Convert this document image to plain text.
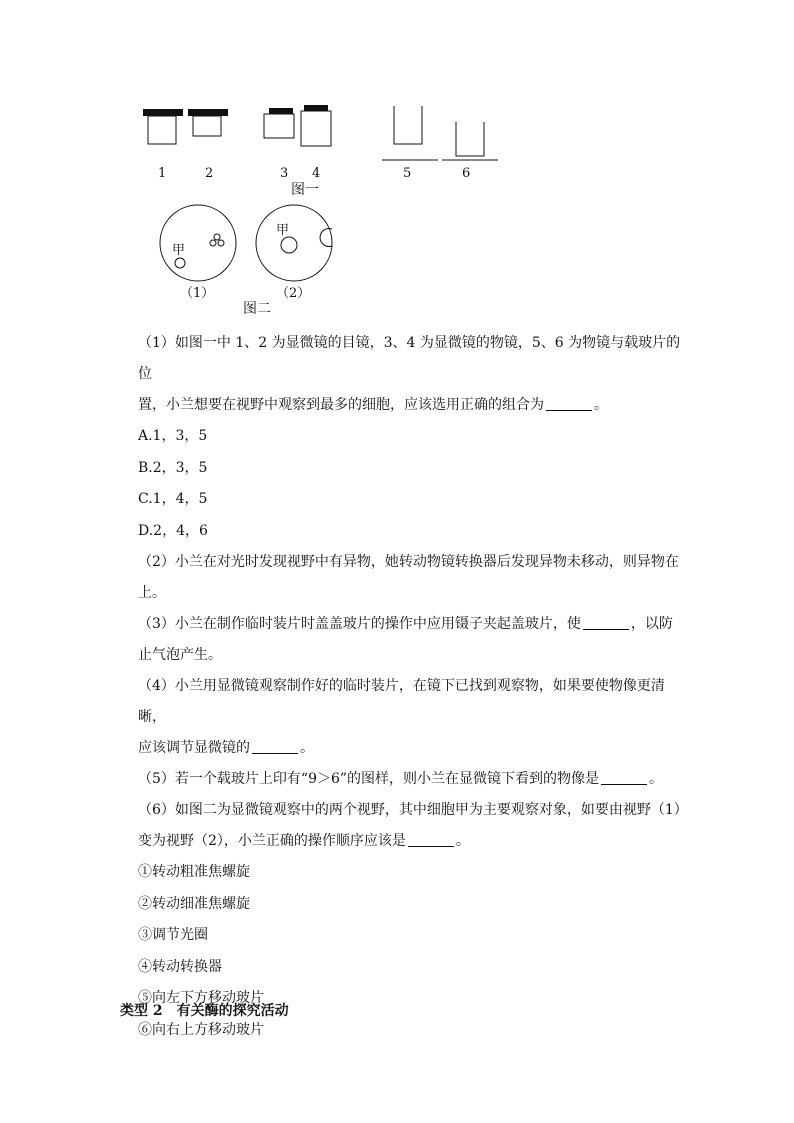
1	2	3 4	5	6
图一
甲
甲
（1）	（2）
图二

（1）如图一中 1、2 为显微镜的目镜，3、4 为显微镜的物镜，5、6 为物镜与载玻片的位

置，小兰想要在视野中观察到最多的细胞，应该选用正确的组合为	。

A.1，3，5

B.2，3，5

C.1，4，5

D.2，4，6

（2）小兰在对光时发现视野中有异物，她转动物镜转换器后发现异物未移动，则异物在

上。

（3）小兰在制作临时装片时盖盖玻片的操作中应用镊子夹起盖玻片，使	，以防

止气泡产生。

（4）小兰用显微镜观察制作好的临时装片，在镜下已找到观察物，如果要使物像更清晰，

应该调节显微镜的	。

（5）若一个载玻片上印有“9＞6”的图样，则小兰在显微镜下看到的物像是	。

（6）如图二为显微镜观察中的两个视野，其中细胞甲为主要观察对象，如要由视野（1）

变为视野（2），小兰正确的操作顺序应该是	。

①转动粗准焦螺旋

②转动细准焦螺旋

③调节光圈

④转动转换器

⑤向左下方移动玻片

⑥向右上方移动玻片

类型 2　有关酶的探究活动
